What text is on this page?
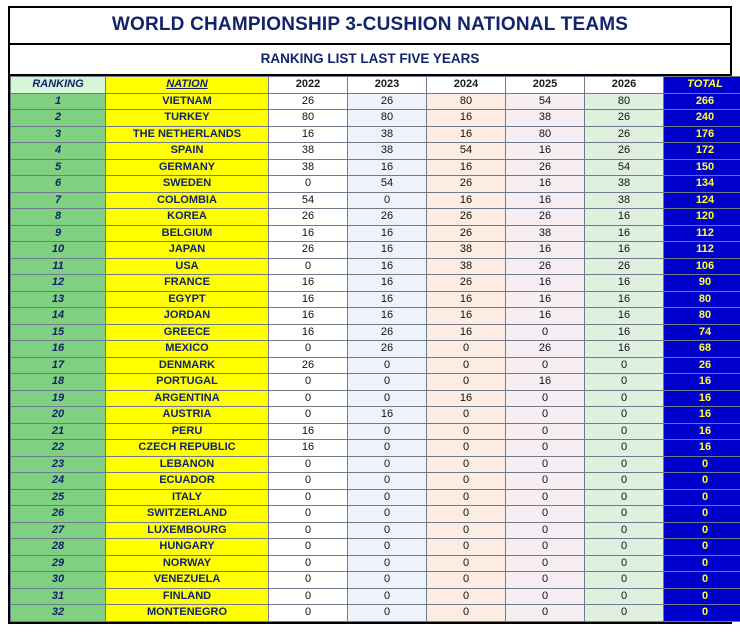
WORLD CHAMPIONSHIP 3-CUSHION NATIONAL TEAMS
RANKING LIST LAST FIVE YEARS
RANKING	NATION	2022	2023	2024	2025	2026	TOTAL
1	VIETNAM	26	26	80	54	80	266
2	TURKEY	80	80	16	38	26	240
3	THE NETHERLANDS	16	38	16	80	26	176
4	SPAIN	38	38	54	16	26	172
5	GERMANY	38	16	16	26	54	150
6	SWEDEN	0	54	26	16	38	134
7	COLOMBIA	54	0	16	16	38	124
8	KOREA	26	26	26	26	16	120
9	BELGIUM	16	16	26	38	16	112
10	JAPAN	26	16	38	16	16	112
11	USA	0	16	38	26	26	106
12	FRANCE	16	16	26	16	16	90
13	EGYPT	16	16	16	16	16	80
14	JORDAN	16	16	16	16	16	80
15	GREECE	16	26	16	0	16	74
16	MEXICO	0	26	0	26	16	68
17	DENMARK	26	0	0	0	0	26
18	PORTUGAL	0	0	0	16	0	16
19	ARGENTINA	0	0	16	0	0	16
20	AUSTRIA	0	16	0	0	0	16
21	PERU	16	0	0	0	0	16
22	CZECH REPUBLIC	16	0	0	0	0	16
23	LEBANON	0	0	0	0	0	0
24	ECUADOR	0	0	0	0	0	0
25	ITALY	0	0	0	0	0	0
26	SWITZERLAND	0	0	0	0	0	0
27	LUXEMBOURG	0	0	0	0	0	0
28	HUNGARY	0	0	0	0	0	0
29	NORWAY	0	0	0	0	0	0
30	VENEZUELA	0	0	0	0	0	0
31	FINLAND	0	0	0	0	0	0
32	MONTENEGRO	0	0	0	0	0	0
